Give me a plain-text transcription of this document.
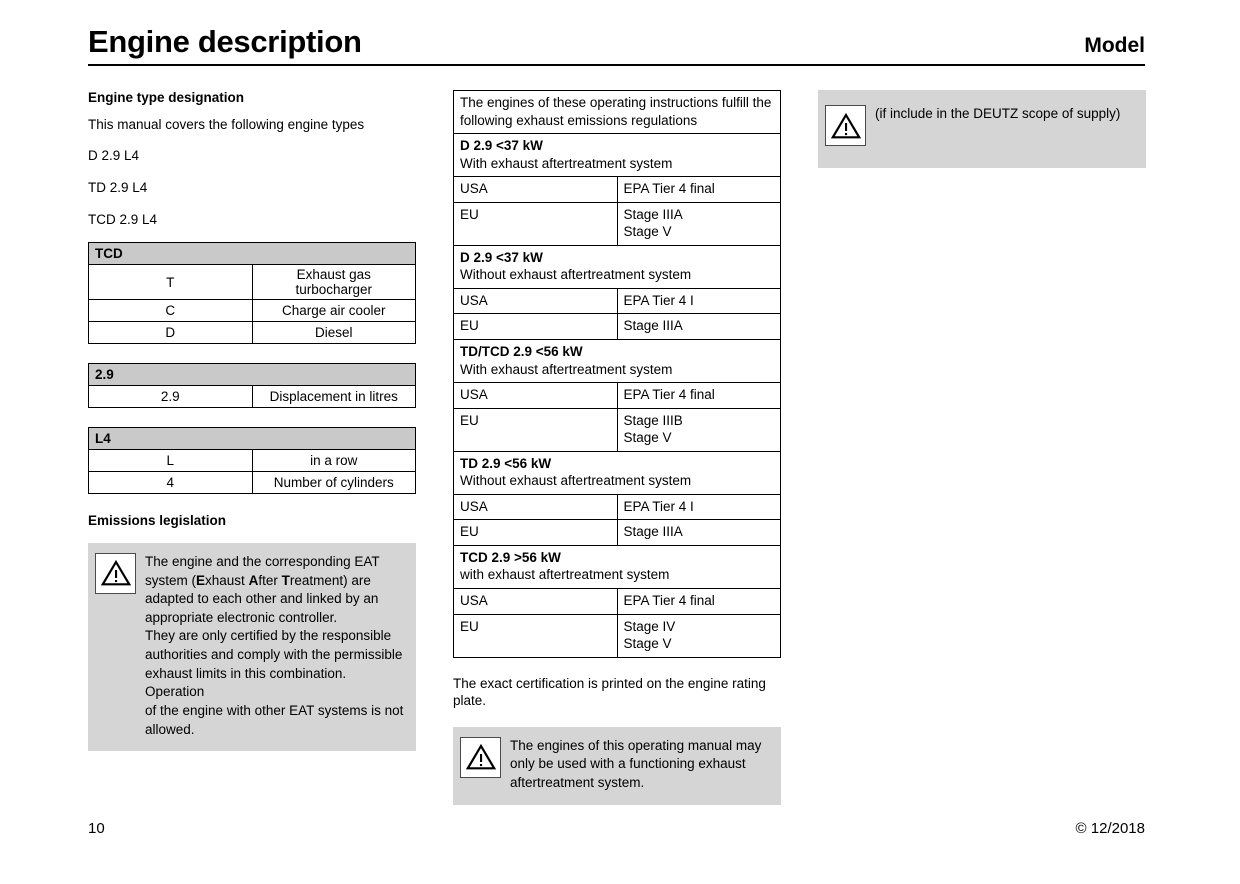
Engine description	Model
Engine type designation
This manual covers the following engine types
D 2.9 L4
TD 2.9 L4
TCD 2.9 L4
TCD	
T	Exhaust gas turbocharger
C	Charge air cooler
D	Diesel
2.9
2.9	Displacement in litres
L4	
L	in a row
4	Number of cylinders
Emissions legislation
The engine and the corresponding EAT
system (Exhaust After Treatment) are
adapted to each other and linked by an
appropriate electronic controller.
They are only certified by the responsible
authorities and comply with the permissible
exhaust limits in this combination. Operation
of the engine with other EAT systems is not
allowed.
The engines of these operating instructions fulfill the following exhaust emissions regulations	
D 2.9 <37 kW
With exhaust aftertreatment system	
USA	EPA Tier 4 final

EU	Stage IIIA
Stage V

D 2.9 <37 kW
Without exhaust aftertreatment system	
USA	EPA Tier 4 I

EU	Stage IIIA

TD/TCD 2.9 <56 kW
With exhaust aftertreatment system	
USA	EPA Tier 4 final

EU	Stage IIIB
Stage V

TD 2.9 <56 kW
Without exhaust aftertreatment system	
USA	EPA Tier 4 I

EU	Stage IIIA

TCD 2.9 >56 kW
with exhaust aftertreatment system	
USA	EPA Tier 4 final

EU	Stage IV
Stage V
The exact certification is printed on the engine rating plate.
The engines of this operating manual may
only be used with a functioning exhaust
aftertreatment system.
(if include in the DEUTZ scope of supply)
10	© 12/2018
